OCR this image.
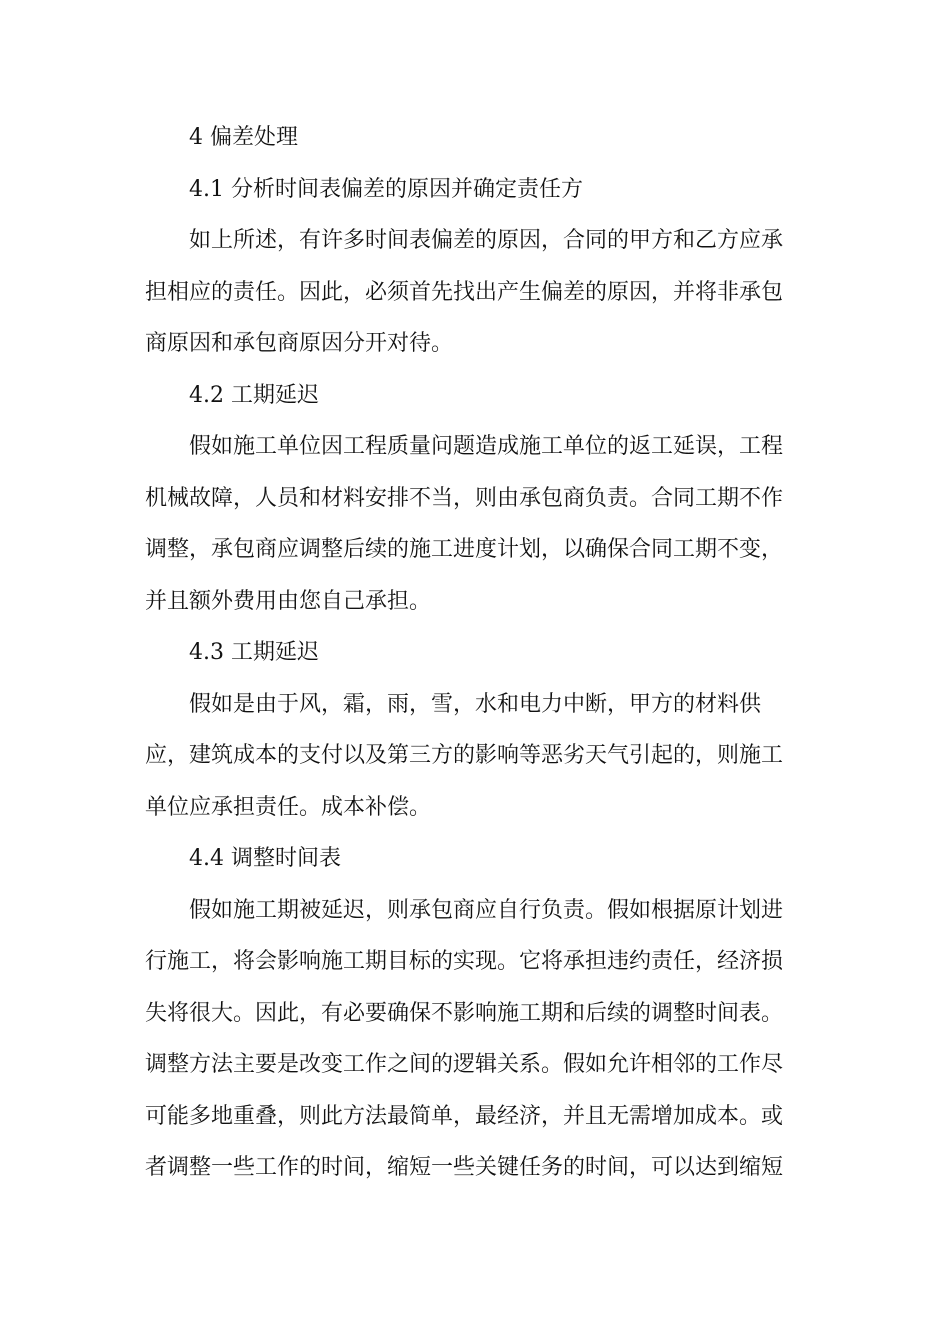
4 偏差处理
4.1 分析时间表偏差的原因并确定责任方
如上所述，有许多时间表偏差的原因，合同的甲方和乙方应承
担相应的责任。因此，必须首先找出产生偏差的原因，并将非承包
商原因和承包商原因分开对待。
4.2 工期延迟
假如施工单位因工程质量问题造成施工单位的返工延误，工程
机械故障，人员和材料安排不当，则由承包商负责。合同工期不作
调整，承包商应调整后续的施工进度计划，以确保合同工期不变，
并且额外费用由您自己承担。
4.3 工期延迟
假如是由于风，霜，雨，雪，水和电力中断，甲方的材料供
应，建筑成本的支付以及第三方的影响等恶劣天气引起的，则施工
单位应承担责任。成本补偿。
4.4 调整时间表
假如施工期被延迟，则承包商应自行负责。假如根据原计划进
行施工，将会影响施工期目标的实现。它将承担违约责任，经济损
失将很大。因此，有必要确保不影响施工期和后续的调整时间表。
调整方法主要是改变工作之间的逻辑关系。假如允许相邻的工作尽
可能多地重叠，则此方法最简单，最经济，并且无需增加成本。或
者调整一些工作的时间，缩短一些关键任务的时间，可以达到缩短
